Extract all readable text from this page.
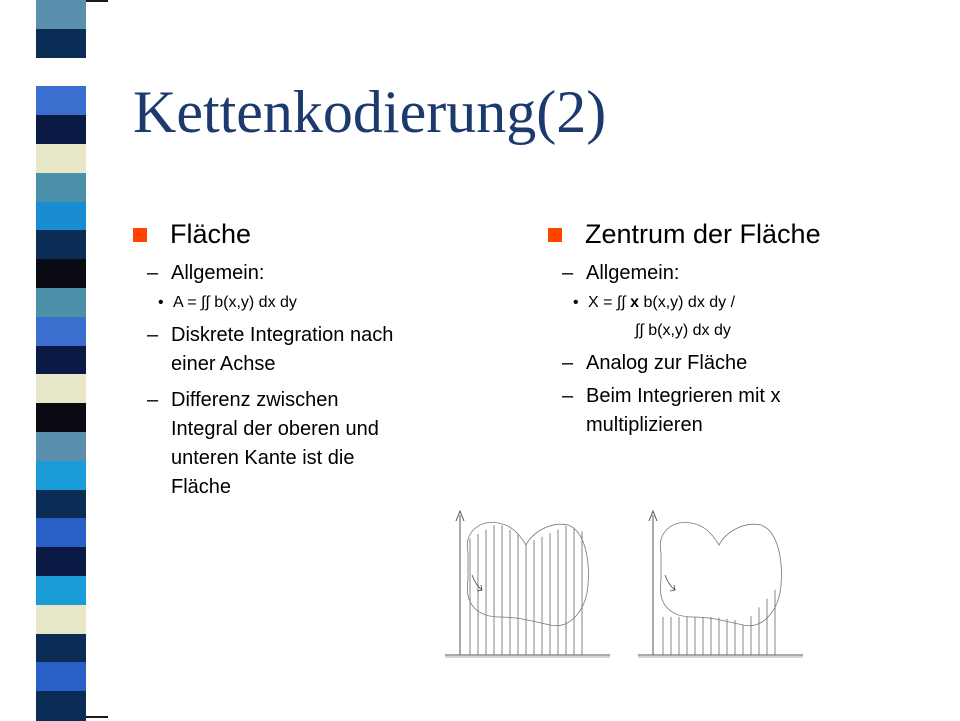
Kettenkodierung(2)
Fläche
– Allgemein:
• A = ∫∫ b(x,y) dx dy
– Diskrete Integration nach
einer Achse
– Differenz zwischen
Integral der oberen und
unteren Kante ist die
Fläche
Zentrum der Fläche
– Allgemein:
• X = ∫∫ x b(x,y) dx dy /
∫∫ b(x,y) dx dy
– Analog zur Fläche
– Beim Integrieren mit x
multiplizieren
